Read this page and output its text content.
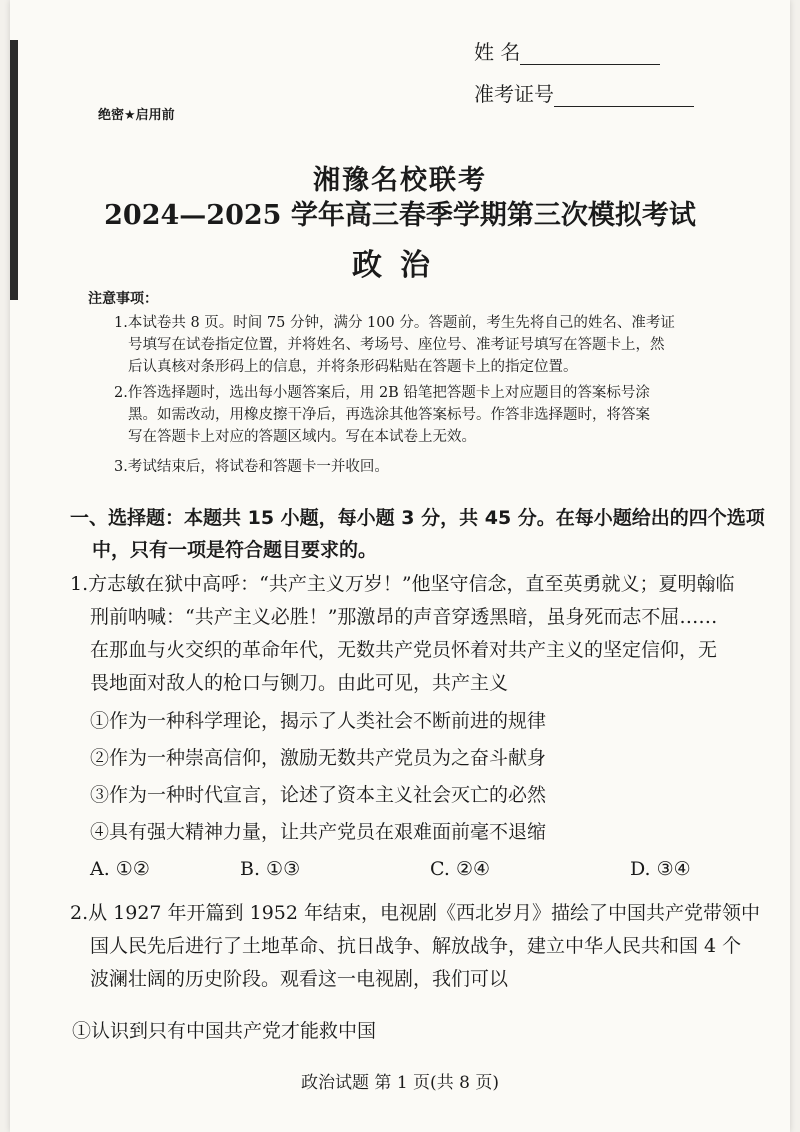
姓 名
准考证号
绝密★启用前
湘豫名校联考
2024—2025 学年高三春季学期第三次模拟考试
政治
注意事项：
1.本试卷共 8 页。时间 75 分钟，满分 100 分。答题前，考生先将自己的姓名、准考证
号填写在试卷指定位置，并将姓名、考场号、座位号、准考证号填写在答题卡上，然
后认真核对条形码上的信息，并将条形码粘贴在答题卡上的指定位置。
2.作答选择题时，选出每小题答案后，用 2B 铅笔把答题卡上对应题目的答案标号涂
黑。如需改动，用橡皮擦干净后，再选涂其他答案标号。作答非选择题时，将答案
写在答题卡上对应的答题区域内。写在本试卷上无效。
3.考试结束后，将试卷和答题卡一并收回。
一、选择题：本题共 15 小题，每小题 3 分，共 45 分。在每小题给出的四个选项
中，只有一项是符合题目要求的。
1.方志敏在狱中高呼：“共产主义万岁！”他坚守信念，直至英勇就义；夏明翰临
刑前呐喊：“共产主义必胜！”那激昂的声音穿透黑暗，虽身死而志不屈……
在那血与火交织的革命年代，无数共产党员怀着对共产主义的坚定信仰，无
畏地面对敌人的枪口与铡刀。由此可见，共产主义
①作为一种科学理论，揭示了人类社会不断前进的规律
②作为一种崇高信仰，激励无数共产党员为之奋斗献身
③作为一种时代宣言，论述了资本主义社会灭亡的必然
④具有强大精神力量，让共产党员在艰难面前毫不退缩
A. ①②	B. ①③	C. ②④	D. ③④
2.从 1927 年开篇到 1952 年结束，电视剧《西北岁月》描绘了中国共产党带领中
国人民先后进行了土地革命、抗日战争、解放战争，建立中华人民共和国 4 个
波澜壮阔的历史阶段。观看这一电视剧，我们可以
①认识到只有中国共产党才能救中国
政治试题 第 1 页(共 8 页)
